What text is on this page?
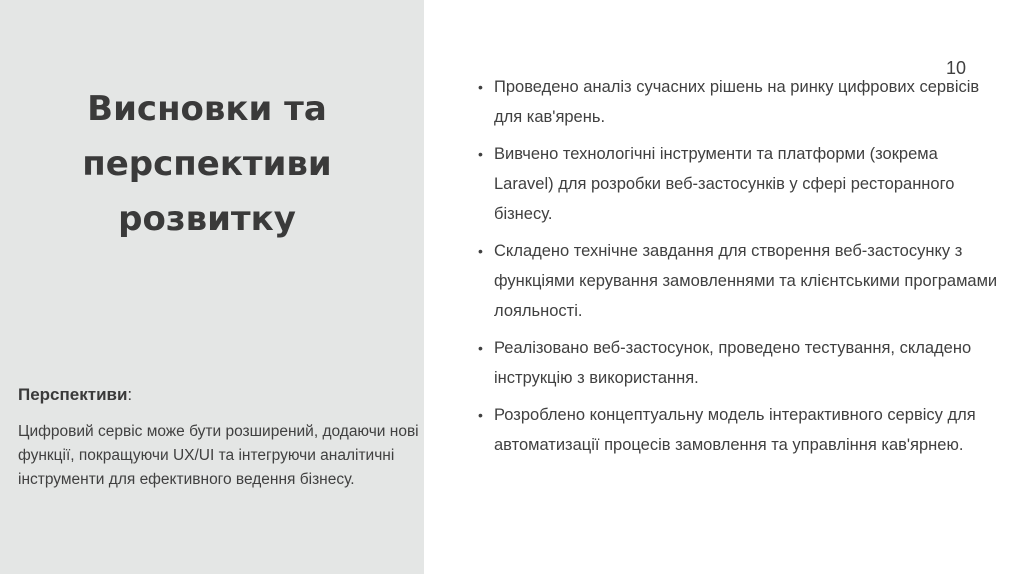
Висновки та
перспективи
розвитку
Перспективи:

Цифровий сервіс може бути розширений, додаючи нові функції, покращуючи UX/UI та інтегруючи аналітичні інструменти для ефективного ведення бізнесу.

10
• Проведено аналіз сучасних рішень на ринку цифрових сервісів для кав'ярень.
• Вивчено технологічні інструменти та платформи (зокрема Laravel) для розробки веб-застосунків у сфері ресторанного бізнесу.
• Складено технічне завдання для створення веб-застосунку з функціями керування замовленнями та клієнтськими програмами лояльності.
• Реалізовано веб-застосунок, проведено тестування, складено інструкцію з використання.
• Розроблено концептуальну модель інтерактивного сервісу для автоматизації процесів замовлення та управління кав'ярнею.
